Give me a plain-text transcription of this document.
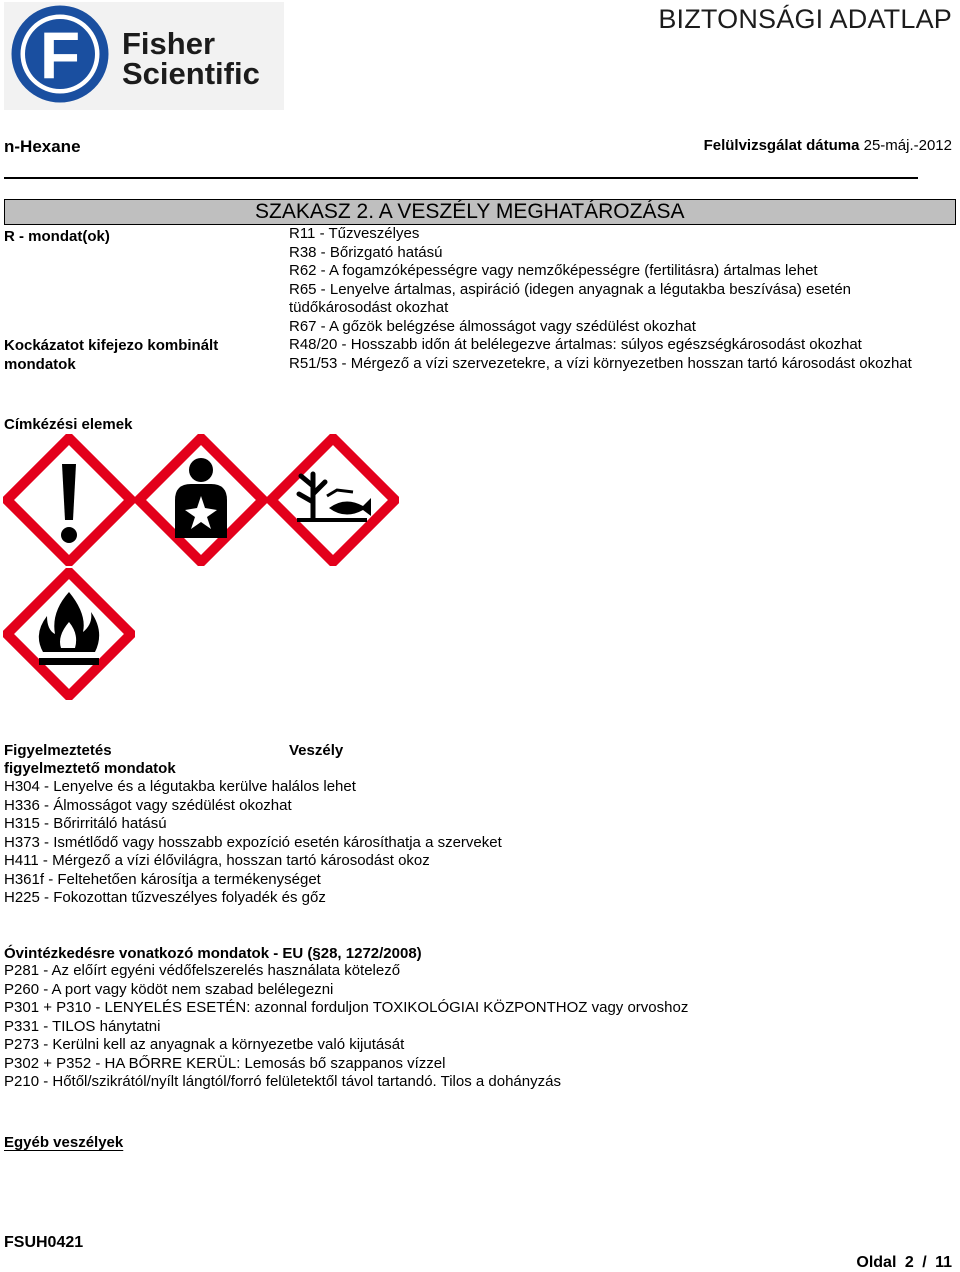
F Fisher
Scientific
BIZTONSÁGI ADATLAP
n-Hexane	Felülvizsgálat dátuma 25-máj.-2012
SZAKASZ 2. A VESZÉLY MEGHATÁROZÁSA
R - mondat(ok)
Kockázatot kifejezo kombinált
mondatok
R11 - Tűzveszélyes
R38 - Bőrizgató hatású
R62 - A fogamzóképességre vagy nemzőképességre (fertilitásra) ártalmas lehet
R65 - Lenyelve ártalmas, aspiráció (idegen anyagnak a légutakba beszívása) esetén
tüdőkárosodást okozhat
R67 - A gőzök belégzése álmosságot vagy szédülést okozhat
R48/20 - Hosszabb időn át belélegezve ártalmas: súlyos egészségkárosodást okozhat
R51/53 - Mérgező a vízi szervezetekre, a vízi környezetben hosszan tartó károsodást okozhat
Címkézési elemek
Figyelmeztetés	Veszély
figyelmeztető mondatok
H304 - Lenyelve és a légutakba kerülve halálos lehet
H336 - Álmosságot vagy szédülést okozhat
H315 - Bőrirritáló hatású
H373 - Ismétlődő vagy hosszabb expozíció esetén károsíthatja a szerveket
H411 - Mérgező a vízi élővilágra, hosszan tartó károsodást okoz
H361f - Feltehetően károsítja a termékenységet
H225 - Fokozottan tűzveszélyes folyadék és gőz
Óvintézkedésre vonatkozó mondatok - EU (§28, 1272/2008)
P281 - Az előírt egyéni védőfelszerelés használata kötelező
P260 - A port vagy ködöt nem szabad belélegezni
P301 + P310 - LENYELÉS ESETÉN: azonnal forduljon TOXIKOLÓGIAI KÖZPONTHOZ vagy orvoshoz
P331 - TILOS hánytatni
P273 - Kerülni kell az anyagnak a környezetbe való kijutását
P302 + P352 - HA BŐRRE KERÜL: Lemosás bő szappanos vízzel
P210 - Hőtől/szikrától/nyílt lángtól/forró felületektől távol tartandó. Tilos a dohányzás
Egyéb veszélyek
FSUH0421
Oldal 2 / 11
